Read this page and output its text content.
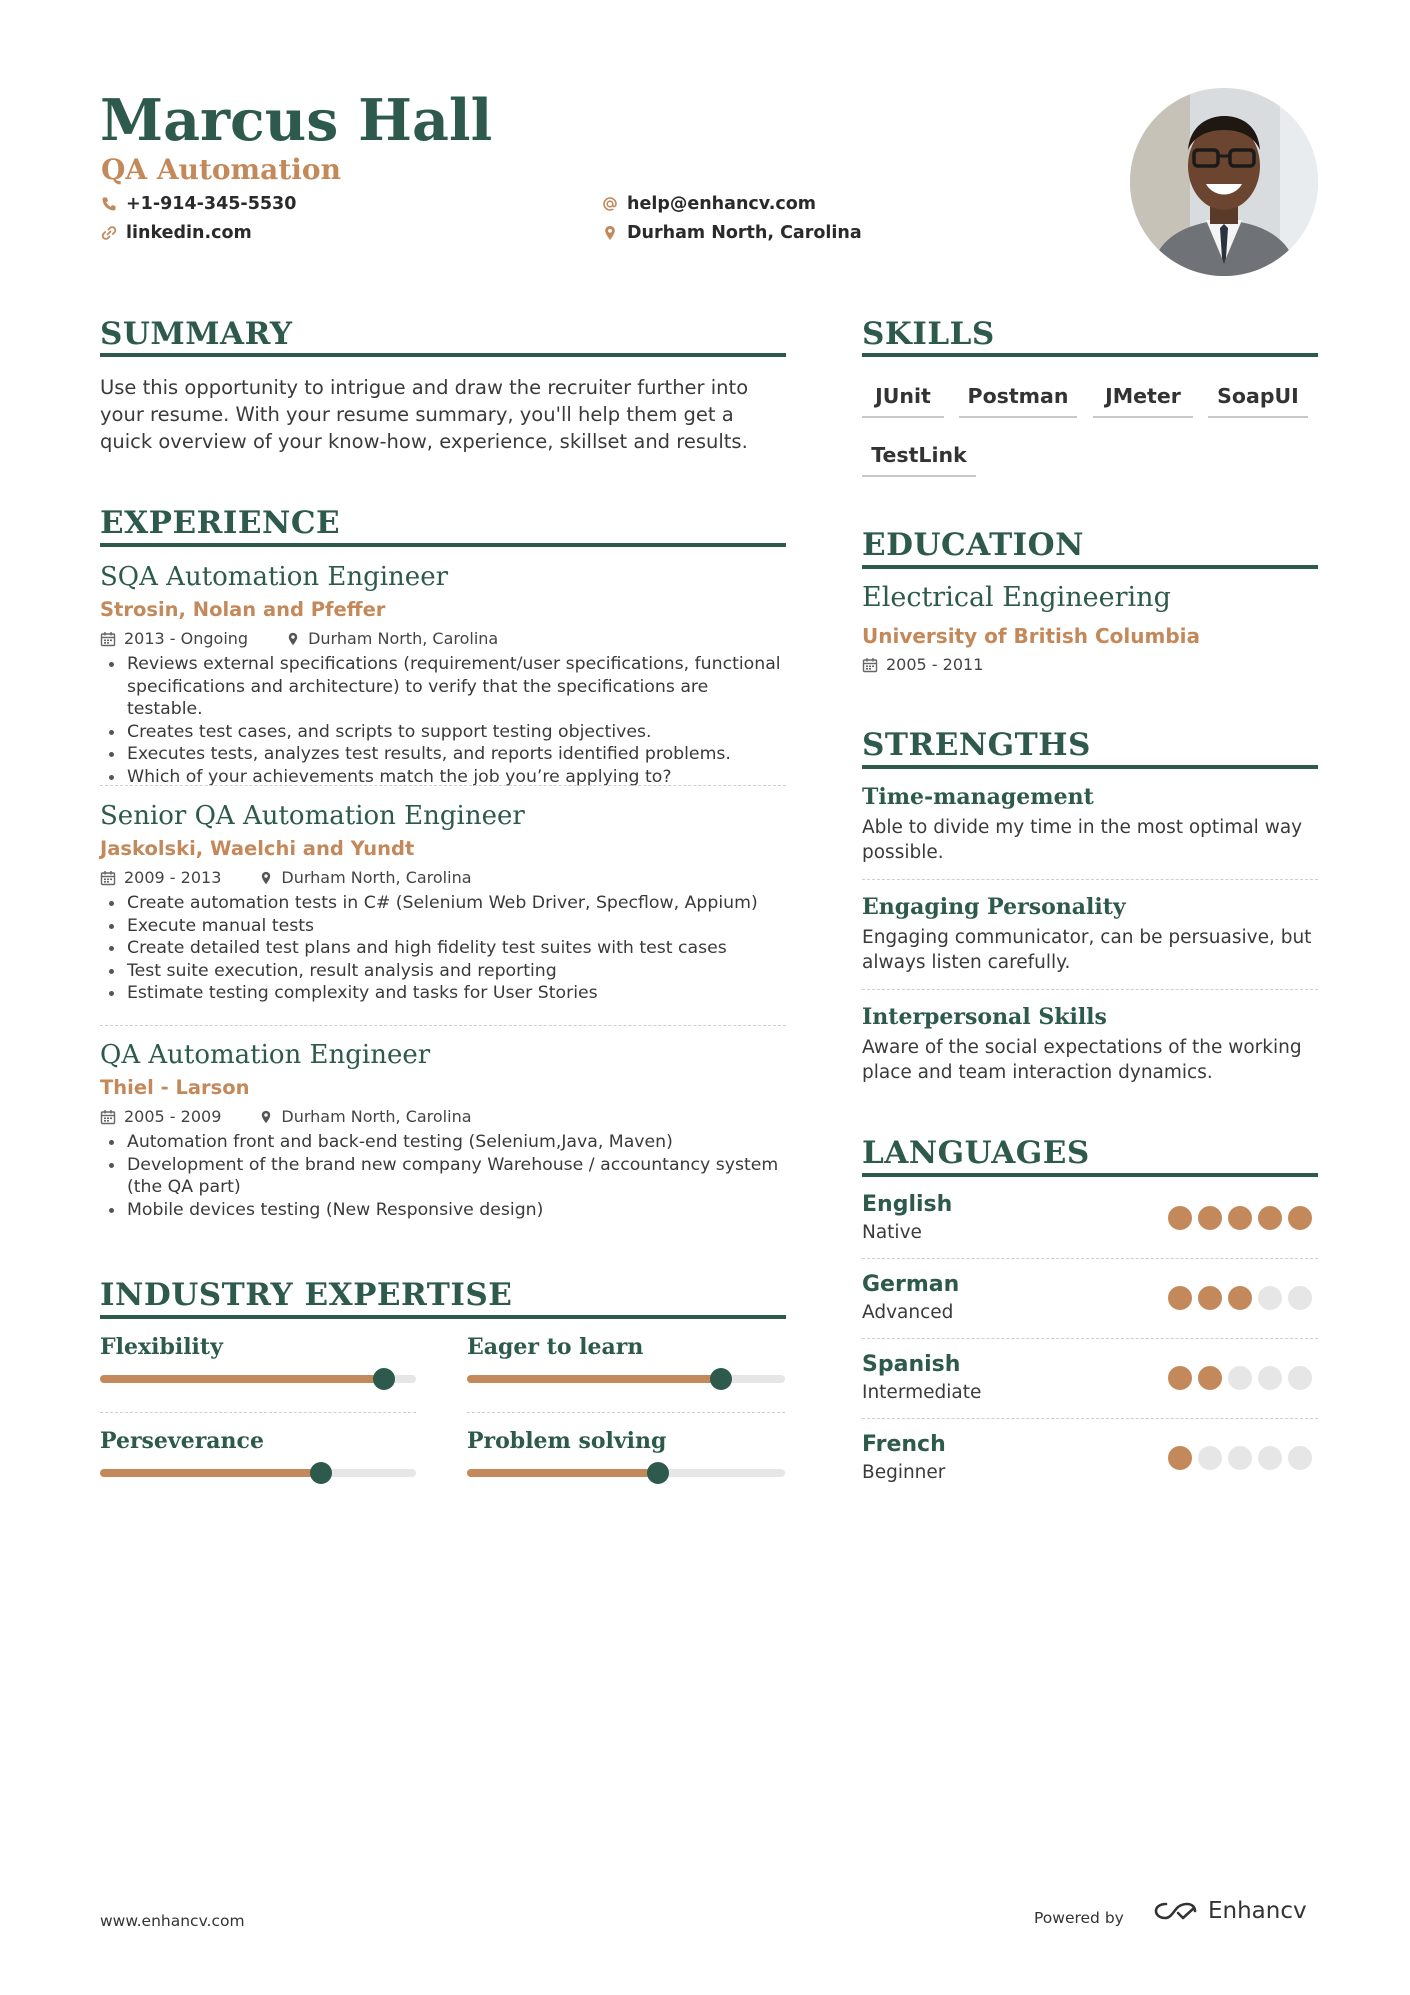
Marcus Hall
QA Automation
+1-914-345-5530
linkedin.com
help@enhancv.com
Durham North, Carolina
SUMMARY
Use this opportunity to intrigue and draw the recruiter further into your resume. With your resume summary, you'll help them get a quick overview of your know-how, experience, skillset and results.
EXPERIENCE
SQA Automation Engineer
Strosin, Nolan and Pfeffer
2013 - Ongoing	Durham North, Carolina
Reviews external specifications (requirement/user specifications, functional specifications and architecture) to verify that the specifications are testable.
Creates test cases, and scripts to support testing objectives.
Executes tests, analyzes test results, and reports identified problems.
Which of your achievements match the job you’re applying to?
Senior QA Automation Engineer
Jaskolski, Waelchi and Yundt
2009 - 2013	Durham North, Carolina
Create automation tests in C# (Selenium Web Driver, Specflow, Appium)
Execute manual tests
Create detailed test plans and high fidelity test suites with test cases
Test suite execution, result analysis and reporting
Estimate testing complexity and tasks for User Stories
QA Automation Engineer
Thiel - Larson
2005 - 2009	Durham North, Carolina
Automation front and back-end testing (Selenium,Java, Maven)
Development of the brand new company Warehouse / accountancy system (the QA part)
Mobile devices testing (New Responsive design)
INDUSTRY EXPERTISE
Flexibility	Eager to learn
Perseverance	Problem solving
SKILLS
JUnit	Postman	JMeter	SoapUI
TestLink
EDUCATION
Electrical Engineering
University of British Columbia
2005 - 2011
STRENGTHS
Time-management
Able to divide my time in the most optimal way possible.
Engaging Personality
Engaging communicator, can be persuasive, but always listen carefully.
Interpersonal Skills
Aware of the social expectations of the working place and team interaction dynamics.
LANGUAGES
English
Native
German
Advanced
Spanish
Intermediate
French
Beginner
www.enhancv.com	Powered by	Enhancv
